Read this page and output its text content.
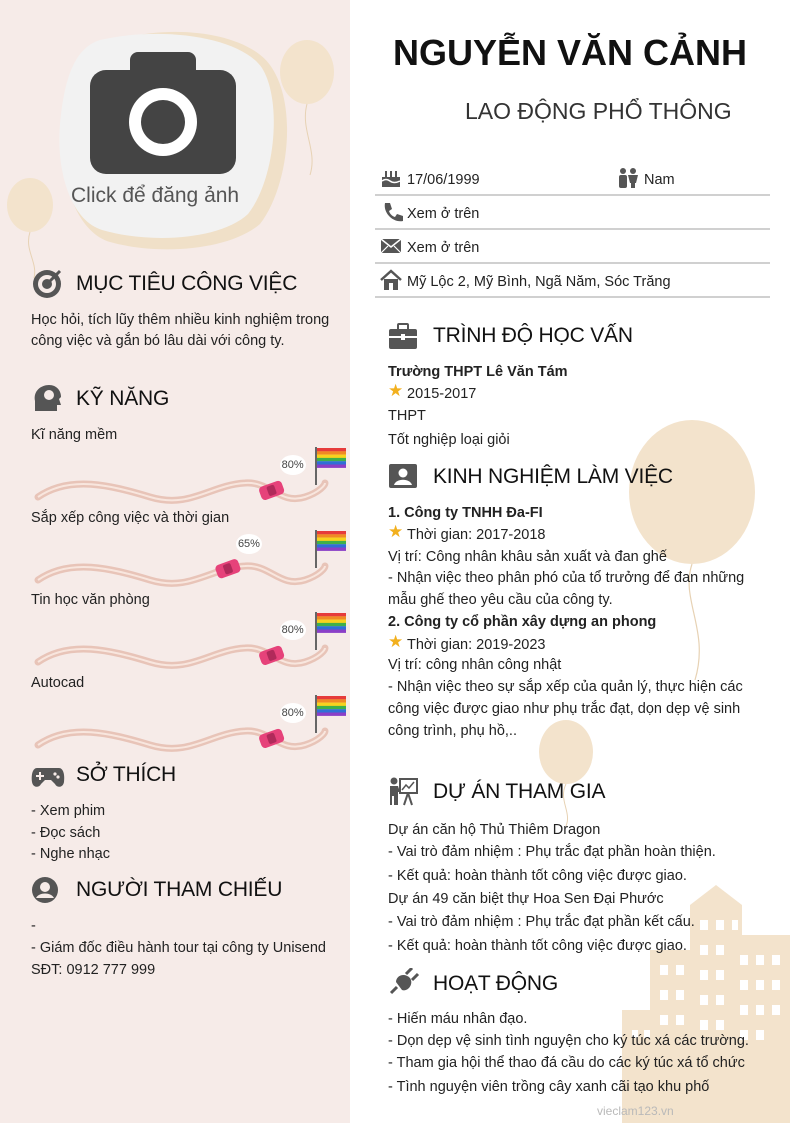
Click để đăng ảnh
MỤC TIÊU CÔNG VIỆC
Học hỏi, tích lũy thêm nhiều kinh nghiệm trong
công việc và gắn bó lâu dài với công ty.
KỸ NĂNG
SỞ THÍCH
- Xem phim
- Đọc sách
- Nghe nhạc
NGƯỜI THAM CHIẾU
-
- Giám đốc điều hành tour tại công ty Unisend
SĐT: 0912 777 999
Kĩ năng mềm
80%
Sắp xếp công việc và thời gian
65%
Tin học văn phòng
80%
Autocad
80%
NGUYỄN VĂN CẢNH
LAO ĐỘNG PHỔ THÔNG
17/06/1999	Nam
Xem ở trên
Xem ở trên
Mỹ Lộc 2, Mỹ Bình, Ngã Năm, Sóc Trăng
TRÌNH ĐỘ HỌC VẤN
Trường THPT Lê Văn Tám
★ 2015-2017
THPT
Tốt nghiệp loại giỏi
KINH NGHIỆM LÀM VIỆC
1. Công ty TNHH Đa-FI
★ Thời gian: 2017-2018
Vị trí: Công nhân khâu sản xuất và đan ghế
- Nhận việc theo phân phó của tổ trưởng để đan những
mẫu ghế theo yêu cầu của công ty.
2. Công ty cổ phần xây dựng an phong
★ Thời gian: 2019-2023
Vị trí: công nhân công nhật
- Nhận việc theo sự sắp xếp của quản lý, thực hiện các
công việc được giao như phụ trắc đạt, dọn dẹp vệ sinh
công trình, phụ hồ,..
DỰ ÁN THAM GIA
Dự án căn hộ Thủ Thiêm Dragon
- Vai trò đảm nhiệm : Phụ trắc đạt phần hoàn thiện.
- Kết quả: hoàn thành tốt công việc được giao.
Dự án 49 căn biệt thự Hoa Sen Đại Phước
- Vai trò đảm nhiệm : Phụ trắc đạt phần kết cấu.
- Kết quả: hoàn thành tốt công việc được giao.
HOẠT ĐỘNG
- Hiến máu nhân đạo.
- Dọn dẹp vệ sinh tình nguyện cho ký túc xá các trường.
- Tham gia hội thể thao đá cầu do các ký túc xá tổ chức
- Tình nguyện viên trồng cây xanh cãi tạo khu phố
vieclam123.vn
